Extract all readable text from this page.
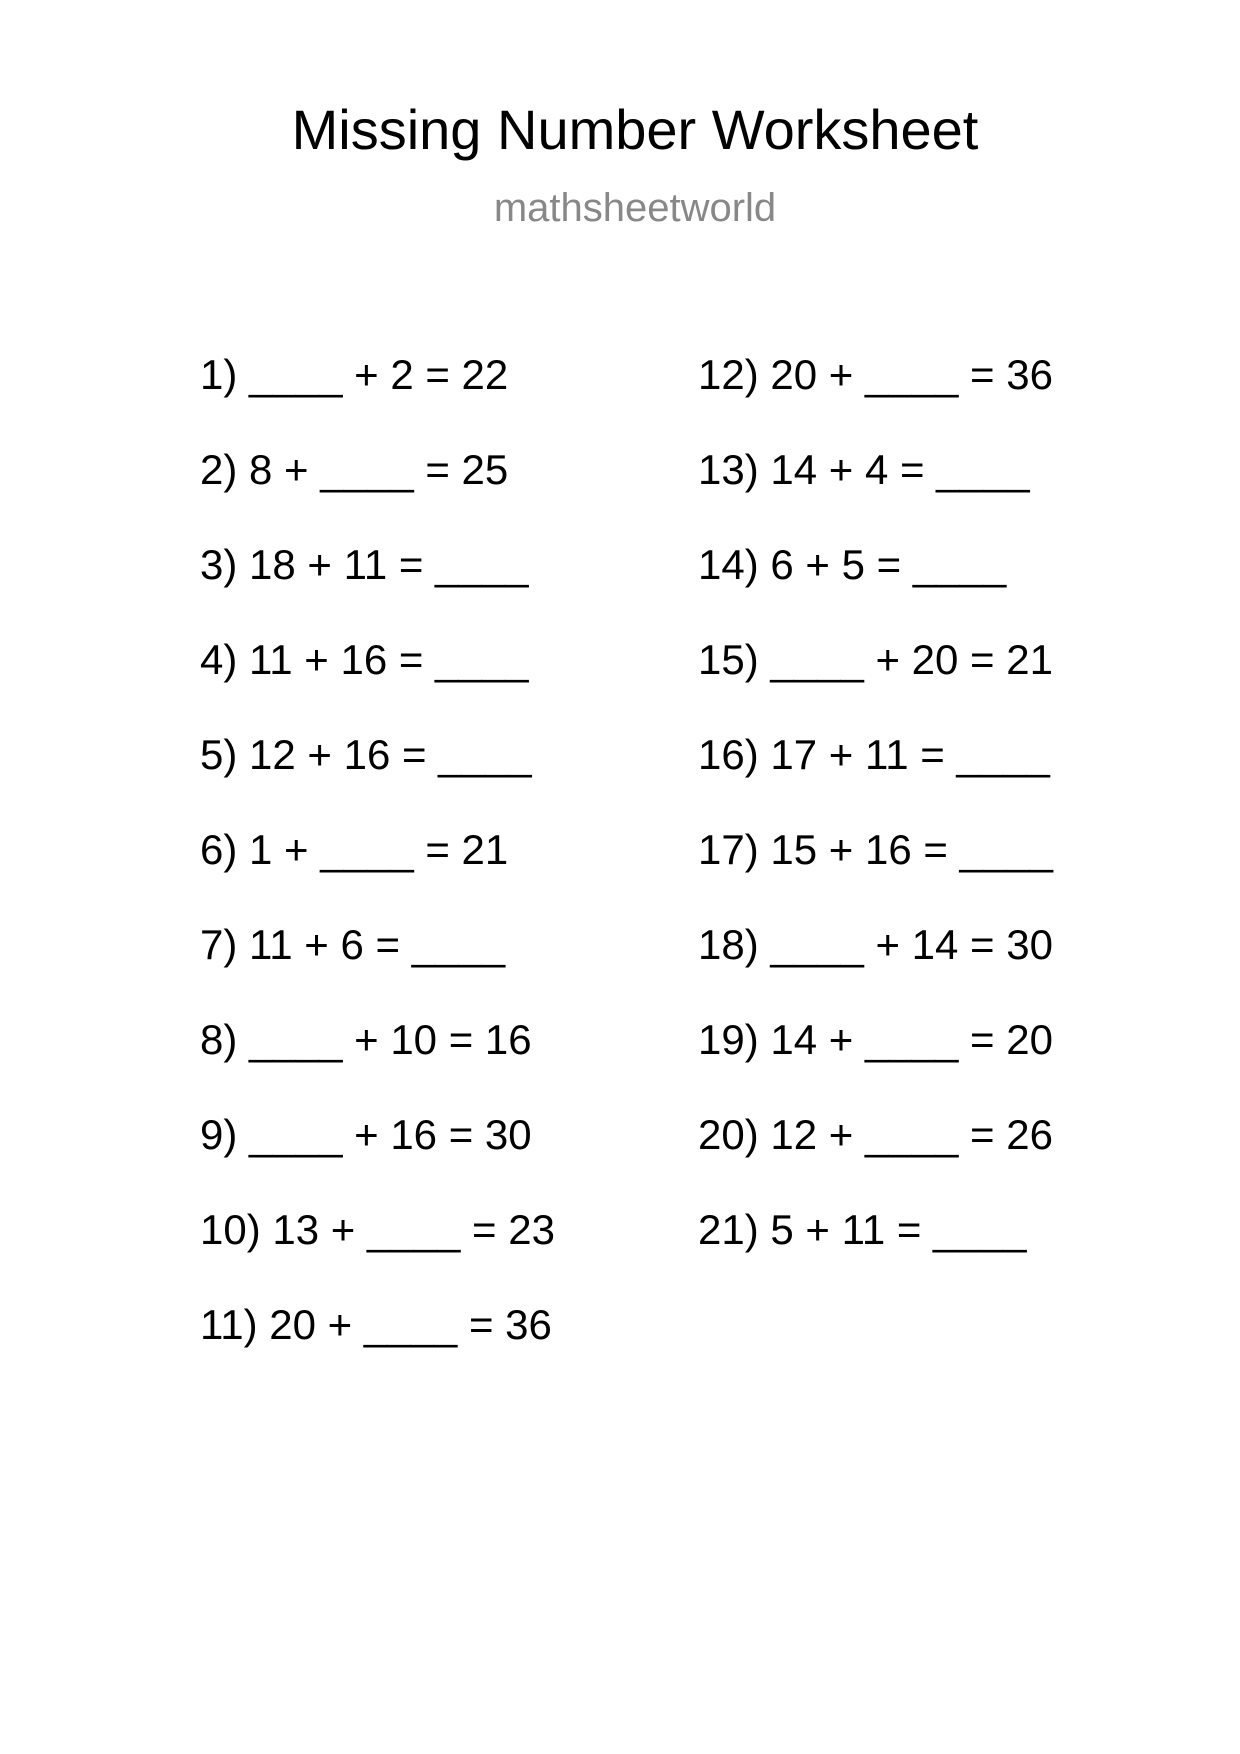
Missing Number Worksheet
mathsheetworld
1) ____ + 2 = 22
2) 8 + ____ = 25
3) 18 + 11 = ____
4) 11 + 16 = ____
5) 12 + 16 = ____
6) 1 + ____ = 21
7) 11 + 6 = ____
8) ____ + 10 = 16
9) ____ + 16 = 30
10) 13 + ____ = 23
11) 20 + ____ = 36
12) 20 + ____ = 36
13) 14 + 4 = ____
14) 6 + 5 = ____
15) ____ + 20 = 21
16) 17 + 11 = ____
17) 15 + 16 = ____
18) ____ + 14 = 30
19) 14 + ____ = 20
20) 12 + ____ = 26
21) 5 + 11 = ____
